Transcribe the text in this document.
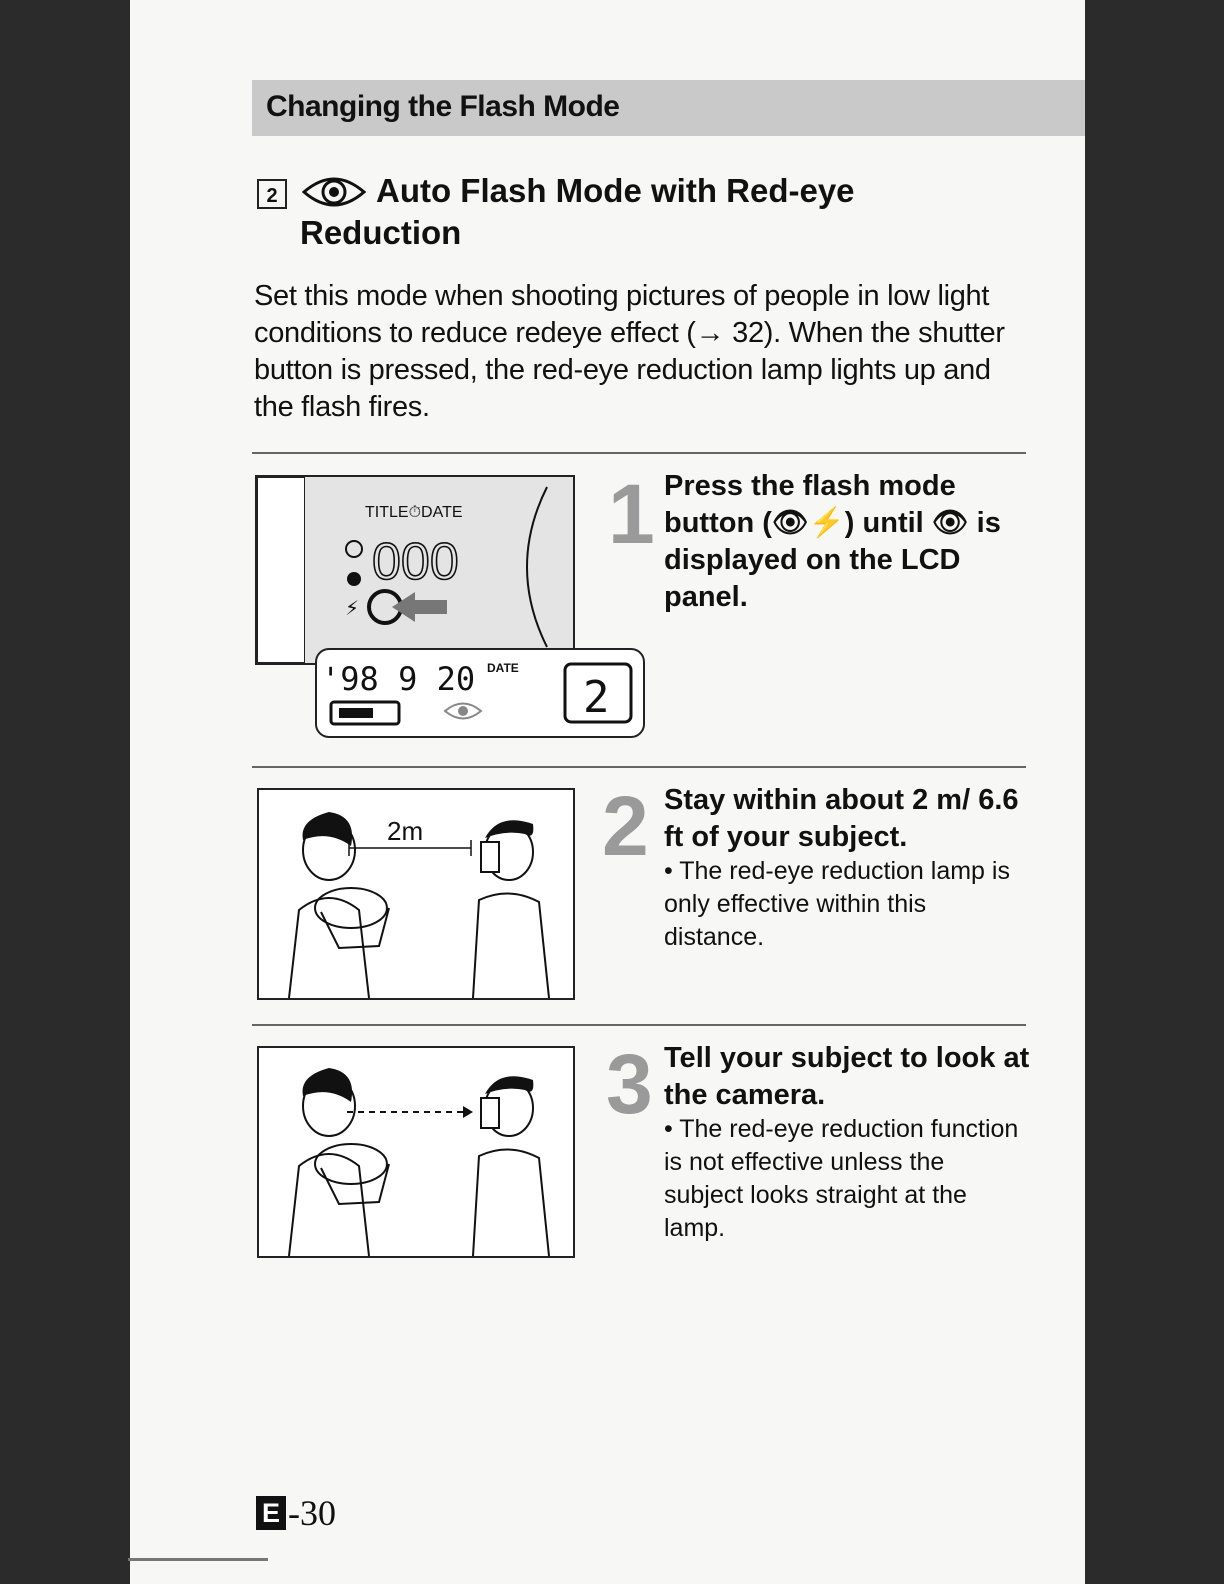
Changing the Flash Mode
2	Auto Flash Mode with Red-eye
Reduction

Set this mode when shooting pictures of people in low light conditions to reduce redeye effect (→ 32). When the shutter button is pressed, the red-eye reduction lamp lights up and the flash fires.

TITLE⏱DATE
000
⚡
'98 9 20 DATE
2
1 Press the flash mode button (👁⚡) until 👁 is displayed on the LCD panel.

2m 2 Stay within about 2 m/ 6.6 ft of your subject.

• The red-eye reduction lamp is only effective within this distance.

3 Tell your subject to look at the camera.

• The red-eye reduction function is not effective unless the subject looks straight at the lamp.

E -30
